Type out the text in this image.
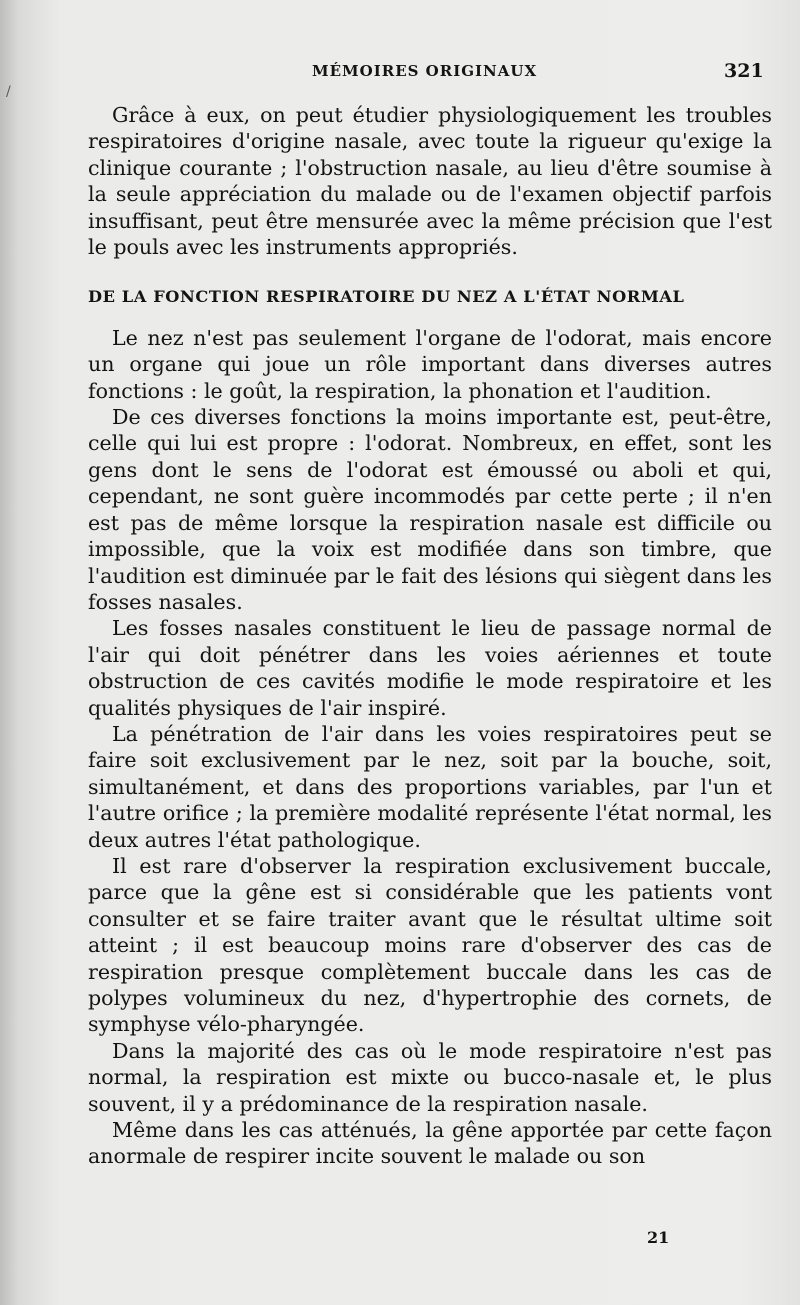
/
MÉMOIRES ORIGINAUX	321

Grâce à eux, on peut étudier physiologiquement les troubles respiratoires d'origine nasale, avec toute la rigueur qu'exige la clinique courante ; l'obstruction nasale, au lieu d'être soumise à la seule appréciation du malade ou de l'examen objectif parfois insuffisant, peut être mensurée avec la même précision que l'est le pouls avec les instruments appropriés.

DE LA FONCTION RESPIRATOIRE DU NEZ A L'ÉTAT NORMAL

Le nez n'est pas seulement l'organe de l'odorat, mais encore un organe qui joue un rôle important dans diverses autres fonctions : le goût, la respiration, la phonation et l'audition.

De ces diverses fonctions la moins importante est, peut-être, celle qui lui est propre : l'odorat. Nombreux, en effet, sont les gens dont le sens de l'odorat est émoussé ou aboli et qui, cependant, ne sont guère incommodés par cette perte ; il n'en est pas de même lorsque la respiration nasale est difficile ou impossible, que la voix est modifiée dans son timbre, que l'audition est diminuée par le fait des lésions qui siègent dans les fosses nasales.

Les fosses nasales constituent le lieu de passage normal de l'air qui doit pénétrer dans les voies aériennes et toute obstruction de ces cavités modifie le mode respiratoire et les qualités physiques de l'air inspiré.

La pénétration de l'air dans les voies respiratoires peut se faire soit exclusivement par le nez, soit par la bouche, soit, simultanément, et dans des proportions variables, par l'un et l'autre orifice ; la première modalité représente l'état normal, les deux autres l'état pathologique.

Il est rare d'observer la respiration exclusivement buccale, parce que la gêne est si considérable que les patients vont consulter et se faire traiter avant que le résultat ultime soit atteint ; il est beaucoup moins rare d'observer des cas de respiration presque complètement buccale dans les cas de polypes volumineux du nez, d'hypertrophie des cornets, de symphyse vélo-pharyngée.

Dans la majorité des cas où le mode respiratoire n'est pas normal, la respiration est mixte ou bucco-nasale et, le plus souvent, il y a prédominance de la respiration nasale.

Même dans les cas atténués, la gêne apportée par cette façon anormale de respirer incite souvent le malade ou son

21
